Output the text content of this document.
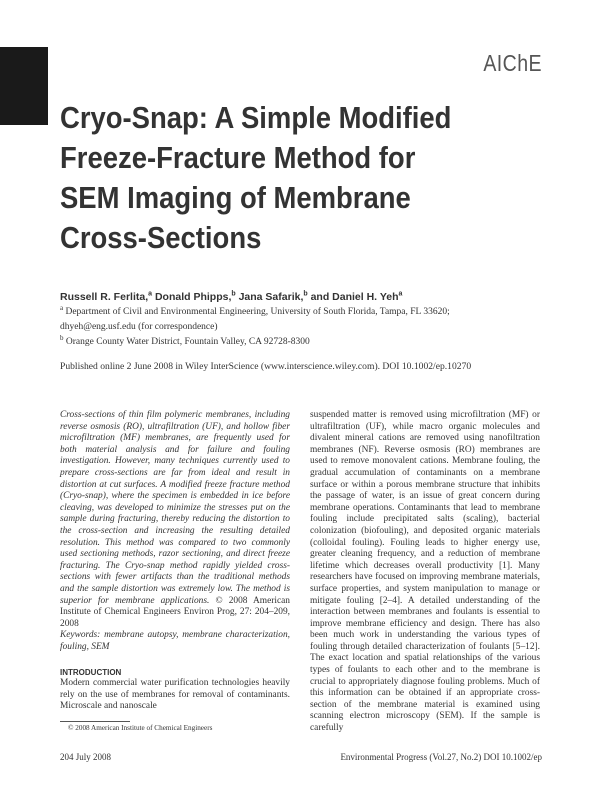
AIChE
Cryo-Snap: A Simple Modified
Freeze-Fracture Method for
SEM Imaging of Membrane
Cross-Sections
Russell R. Ferlita,$^a$ Donald Phipps,$^b$ Jana Safarik,$^b$ and Daniel H. Yeh$^a$
$^a$ Department of Civil and Environmental Engineering, University of South Florida, Tampa, FL 33620;
dhyeh@eng.usf.edu (for correspondence)
$^b$ Orange County Water District, Fountain Valley, CA 92728-8300
Published online 2 June 2008 in Wiley InterScience (www.interscience.wiley.com). DOI 10.1002/ep.10270

Cross-sections of thin film polymeric membranes, including reverse osmosis (RO), ultrafiltration (UF), and hollow fiber microfiltration (MF) membranes, are frequently used for both material analysis and for failure and fouling investigation. However, many techniques currently used to prepare cross-sections are far from ideal and result in distortion at cut surfaces. A modified freeze fracture method (Cryo-snap), where the specimen is embedded in ice before cleaving, was developed to minimize the stresses put on the sample during fracturing, thereby reducing the distortion to the cross-section and increasing the resulting detailed resolution. This method was compared to two commonly used sectioning methods, razor sectioning, and direct freeze fracturing. The Cryo-snap method rapidly yielded cross-sections with fewer artifacts than the traditional methods and the sample distortion was extremely low. The method is superior for membrane applications. © 2008 American Institute of Chemical Engineers Environ Prog, 27: 204–209, 2008

Keywords: membrane autopsy, membrane characterization, fouling, SEM

INTRODUCTION

Modern commercial water purification technologies heavily rely on the use of membranes for removal of contaminants. Microscale and nanoscale

© 2008 American Institute of Chemical Engineers

suspended matter is removed using microfiltration (MF) or ultrafiltration (UF), while macro organic molecules and divalent mineral cations are removed using nanofiltration membranes (NF). Reverse osmosis (RO) membranes are used to remove monovalent cations. Membrane fouling, the gradual accumulation of contaminants on a membrane surface or within a porous membrane structure that inhibits the passage of water, is an issue of great concern during membrane operations. Contaminants that lead to membrane fouling include precipitated salts (scaling), bacterial colonization (biofouling), and deposited organic materials (colloidal fouling). Fouling leads to higher energy use, greater cleaning frequency, and a reduction of membrane lifetime which decreases overall productivity [1]. Many researchers have focused on improving membrane materials, surface properties, and system manipulation to manage or mitigate fouling [2–4]. A detailed understanding of the interaction between membranes and foulants is essential to improve membrane efficiency and design. There has also been much work in understanding the various types of fouling through detailed characterization of foulants [5–12]. The exact location and spatial relationships of the various types of foulants to each other and to the membrane is crucial to appropriately diagnose fouling problems. Much of this information can be obtained if an appropriate cross-section of the membrane material is examined using scanning electron microscopy (SEM). If the sample is carefully

204 July 2008	Environmental Progress (Vol.27, No.2) DOI 10.1002/ep
